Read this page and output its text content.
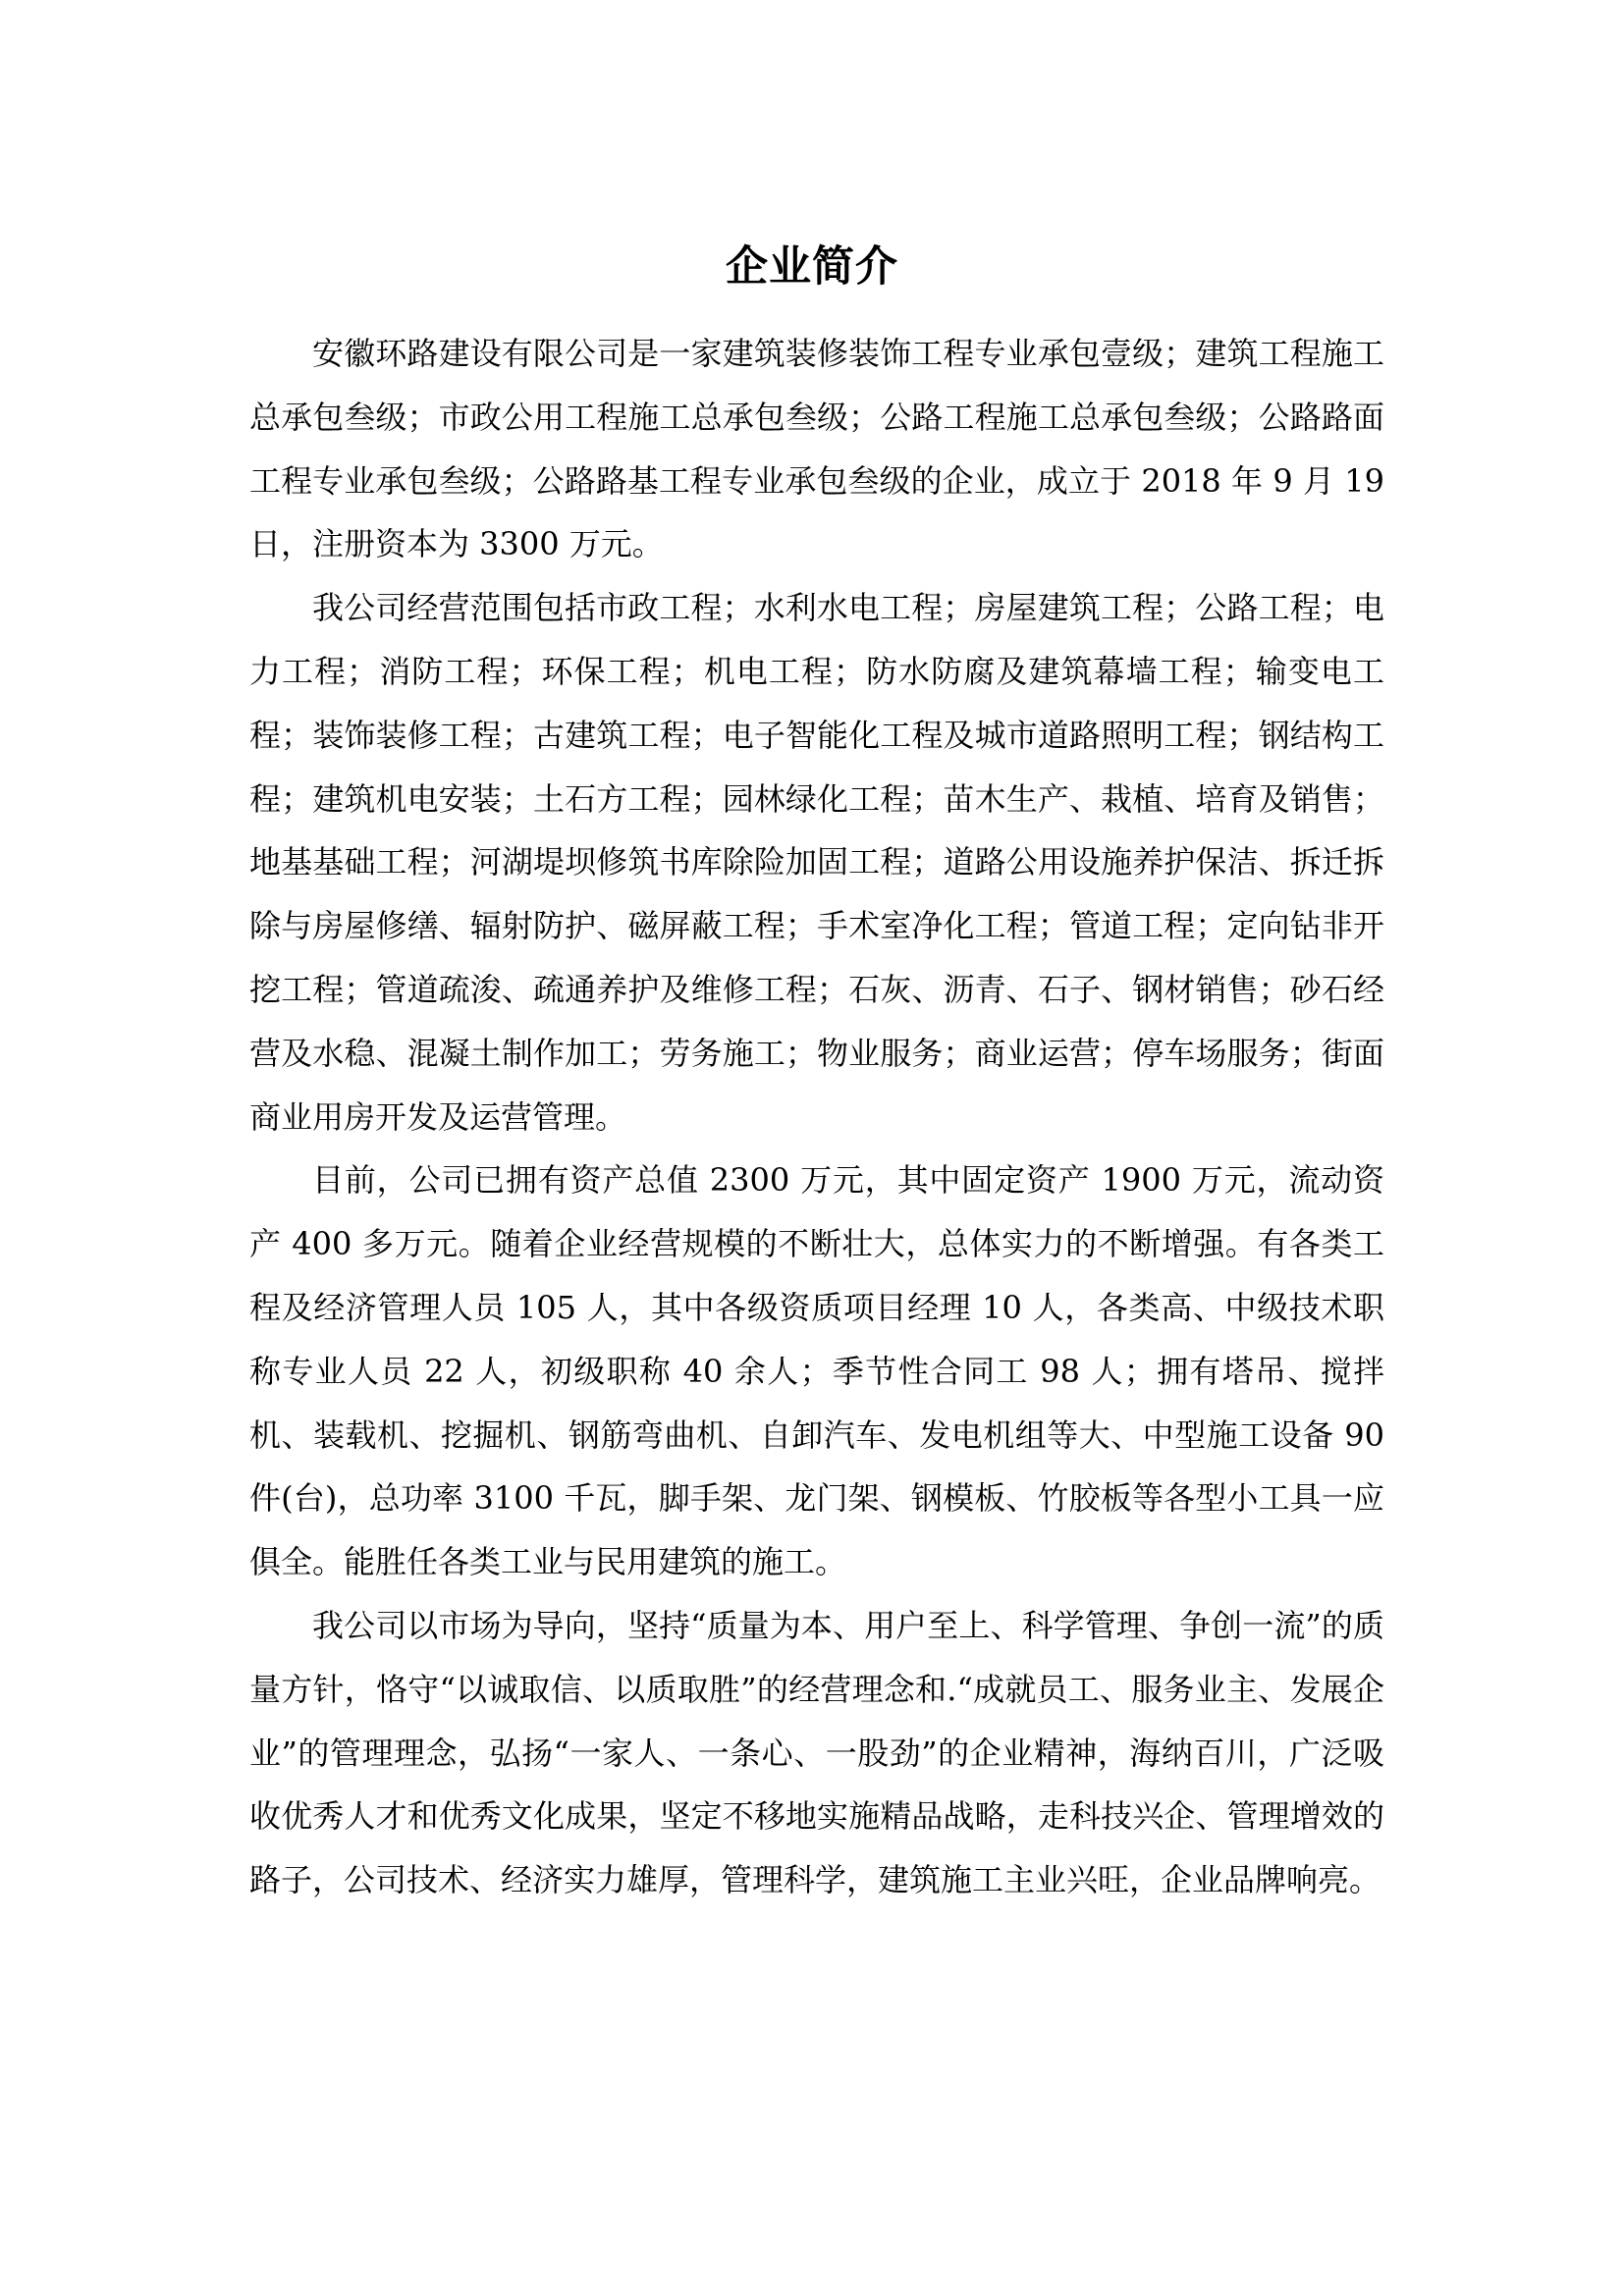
企业简介

安徽环路建设有限公司是一家建筑装修装饰工程专业承包壹级；建筑工程施工总承包叁级；市政公用工程施工总承包叁级；公路工程施工总承包叁级；公路路面工程专业承包叁级；公路路基工程专业承包叁级的企业，成立于 2018 年 9 月 19 日，注册资本为 3300 万元。

我公司经营范围包括市政工程；水利水电工程；房屋建筑工程；公路工程；电力工程；消防工程；环保工程；机电工程；防水防腐及建筑幕墙工程；输变电工程；装饰装修工程；古建筑工程；电子智能化工程及城市道路照明工程；钢结构工程；建筑机电安装；土石方工程；园林绿化工程；苗木生产、栽植、培育及销售；地基基础工程；河湖堤坝修筑书库除险加固工程；道路公用设施养护保洁、拆迁拆除与房屋修缮、辐射防护、磁屏蔽工程；手术室净化工程；管道工程；定向钻非开挖工程；管道疏浚、疏通养护及维修工程；石灰、沥青、石子、钢材销售；砂石经营及水稳、混凝土制作加工；劳务施工；物业服务；商业运营；停车场服务；街面商业用房开发及运营管理。

目前，公司已拥有资产总值 2300 万元，其中固定资产 1900 万元，流动资产 400 多万元。随着企业经营规模的不断壮大，总体实力的不断增强。有各类工程及经济管理人员 105 人，其中各级资质项目经理 10 人，各类高、中级技术职称专业人员 22 人，初级职称 40 余人；季节性合同工 98 人；拥有塔吊、搅拌机、装载机、挖掘机、钢筋弯曲机、自卸汽车、发电机组等大、中型施工设备 90 件(台)，总功率 3100 千瓦，脚手架、龙门架、钢模板、竹胶板等各型小工具一应俱全。能胜任各类工业与民用建筑的施工。

我公司以市场为导向，坚持“质量为本、用户至上、科学管理、争创一流”的质量方针，恪守“以诚取信、以质取胜”的经营理念和.“成就员工、服务业主、发展企业”的管理理念，弘扬“一家人、一条心、一股劲”的企业精神，海纳百川，广泛吸收优秀人才和优秀文化成果，坚定不移地实施精品战略，走科技兴企、管理增效的路子，公司技术、经济实力雄厚，管理科学，建筑施工主业兴旺，企业品牌响亮。
